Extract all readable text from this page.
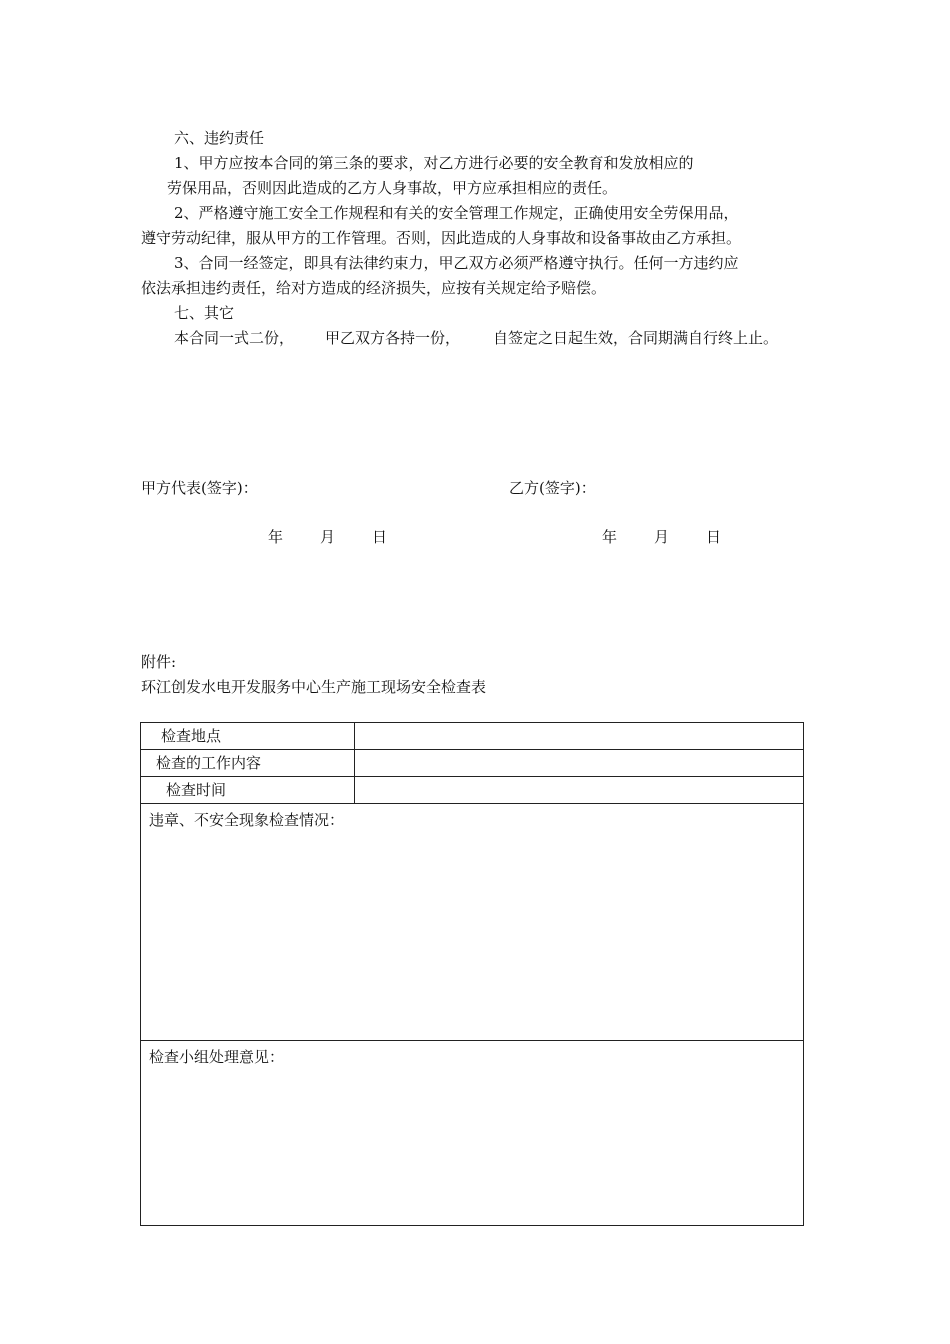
六、违约责任
1、甲方应按本合同的第三条的要求，对乙方进行必要的安全教育和发放相应的
劳保用品，否则因此造成的乙方人身事故，甲方应承担相应的责任。
2、严格遵守施工安全工作规程和有关的安全管理工作规定，正确使用安全劳保用品，
遵守劳动纪律，服从甲方的工作管理。否则，因此造成的人身事故和设备事故由乙方承担。
3、合同一经签定，即具有法律约束力，甲乙双方必须严格遵守执行。任何一方违约应
依法承担违约责任，给对方造成的经济损失，应按有关规定给予赔偿。
七、其它
本合同一式二份， 甲乙双方各持一份， 自签定之日起生效，合同期满自行终上止。
甲方代表(签字)：	乙方(签字)：
年 月 日	年 月 日
附件:
环江创发水电开发服务中心生产施工现场安全检查表
检查地点	
检查的工作内容	
检查时间	
违章、不安全现象检查情况：	
检查小组处理意见：	
